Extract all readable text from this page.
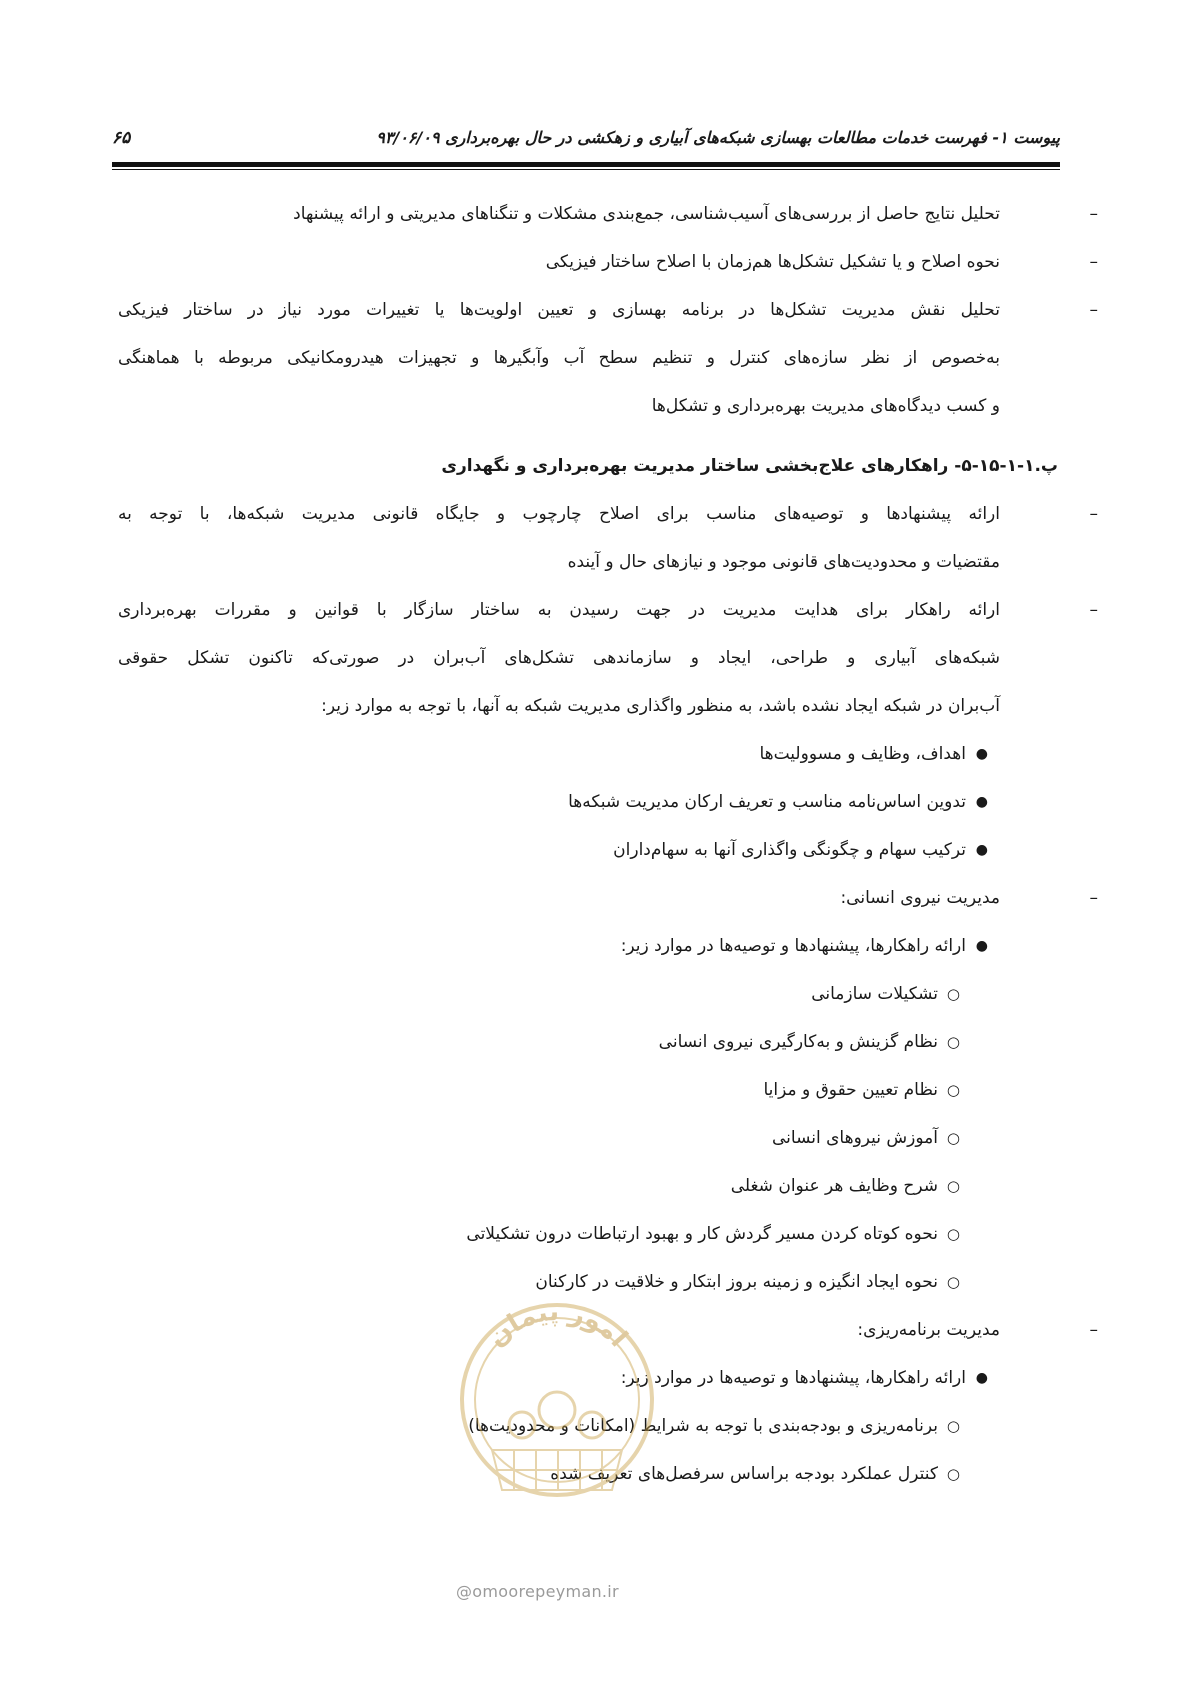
پیوست ۱- فهرست خدمات مطالعات بهسازی شبکه‌های آبیاری و زهکشی در حال بهره‌برداری ۹۳/۰۶/۰۹
۶۵
–
تحلیل نتایج حاصل از بررسی‌های آسیب‌شناسی، جمع‌بندی مشکلات و تنگناهای مدیریتی و ارائه پیشنهاد
–
نحوه اصلاح و یا تشکیل تشکل‌ها هم‌زمان با اصلاح ساختار فیزیکی
–
تحلیل نقش مدیریت تشکل‌ها در برنامه بهسازی و تعیین اولویت‌ها یا تغییرات مورد نیاز در ساختار فیزیکی
به‌خصوص از نظر سازه‌های کنترل و تنظیم سطح آب وآبگیرها و تجهیزات هیدرومکانیکی مربوطه با هماهنگی
و کسب دیدگاه‌های مدیریت بهره‌برداری و تشکل‌ها
پ.۱-۱-۱۵-۵- راهکارهای علاج‌بخشی ساختار مدیریت بهره‌برداری و نگهداری
–
ارائه پیشنهادها و توصیه‌های مناسب برای اصلاح چارچوب و جایگاه قانونی مدیریت شبکه‌ها، با توجه به
مقتضیات و محدودیت‌های قانونی موجود و نیازهای حال و آینده
–
ارائه راهکار برای هدایت مدیریت در جهت رسیدن به ساختار سازگار با قوانین و مقررات بهره‌برداری
شبکه‌های آبیاری و طراحی، ایجاد و سازماندهی تشکل‌های آب‌بران در صورتی‌که تاکنون تشکل حقوقی
آب‌بران در شبکه ایجاد نشده باشد، به منظور واگذاری مدیریت شبکه به آنها، با توجه به موارد زیر:
●
اهداف، وظایف و مسوولیت‌ها
●
تدوین اساس‌نامه مناسب و تعریف ارکان مدیریت شبکه‌ها
●
ترکیب سهام و چگونگی واگذاری آنها به سهام‌داران
–
مدیریت نیروی انسانی:
●
ارائه راهکارها، پیشنهادها و توصیه‌ها در موارد زیر:
○
تشکیلات سازمانی
○
نظام گزینش و به‌کارگیری نیروی انسانی
○
نظام تعیین حقوق و مزایا
○
آموزش نیروهای انسانی
○
شرح وظایف هر عنوان شغلی
○
نحوه کوتاه کردن مسیر گردش کار و بهبود ارتباطات درون تشکیلاتی
○
نحوه ایجاد انگیزه و زمینه بروز ابتکار و خلاقیت در کارکنان
–
مدیریت برنامه‌ریزی:
●
ارائه راهکارها، پیشنهادها و توصیه‌ها در موارد زیر:
○
برنامه‌ریزی و بودجه‌بندی با توجه به شرایط (امکانات و محدودیت‌ها)
○
کنترل عملکرد بودجه براساس سرفصل‌های تعریف شده
امور پیمان
@omoorepeyman.ir
